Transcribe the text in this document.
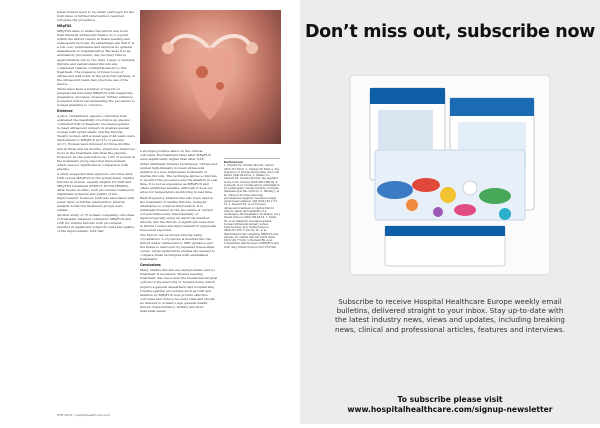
fewer women need to be under oestrogen for the high rates of further intervention required following the procedure.

MRgFUS

MRgFUS aims to ablate the fibroid and focus high intensity ultrasound beams on to a point within the fibroid results in tissue heating and subsequent necrosis. Its advantages are that it is a low cost, noninvasive and requires no general anaesthesia or hospitalisation. Because it is an ambulatory procedure, day recovery time is approximately one to two days. Large or multiple fibroids and pedunculated fibroids are considered relative contraindications to this treatment. The presence of bowel loops or ultrasound wall scars in the projected pathway of the ultrasound beam may preclude use of the device.

There have been a number of reports of pregnancies following MRgFUS with reassuring pregnancy outcomes; however, further evidence is needed before recommending the procedure to women planning to conceive.

Evidence

A pilot, randomised, placebo-controlled trial evaluated the feasibility of a follow-up placebo-controlled trial of magnetic resonance-guided focused ultrasound surgery in premenopausal women with symptomatic uterine fibroids. Twenty women with a mean age of 44 years were randomised to MRgFUS (n=13) or placebo (n=7). Women were followed for three months and at three and six months, symptoms improved more in the treatment arm than the placebo. However, at one-year follow-up, 10% of women in the treatment group reported improvement, which was not significant in comparison with placebo.

A study suggested that symptom outcomes after UAE versus MRgFUS in the symptomatic uterine fibroids in women, equally eligible for UAE and MRgFUS treatment (FIRSTT, NCT01285960). After twelve months, both procedures resulted in significant symptom and quality of life improvement; however, UAE was associated with lower rates of further intervention. Interim analysis found the treatment groups were similar.

Another study of 75 women comparing outcomes of treatment between volumetric MRgFUS and UAE for uterine fibroids both procedures resulted in significant symptom relief and quality of life improvement. UAE had

a stronger positive effect on the clinical outcomes. Re-treatment rates after MRgFUS were significantly higher than after UAE.

Other minimally invasive techniques: Ultrasound-guided high-intensity focused ultrasound ablation is a new noninvasive treatment of uterine fibroids. The technique allows a clinician to monitor the procedure and the ablation in real time. It is not as expensive as MRgFUS and offers additional benefits, although it does not allow for temperature monitoring in real time.

Radiofrequency ablation has also been used in the treatment of uterine fibroids, being an alternative to surgical intervention. It is minimally invasive as the procedure is carried out percutaneously, transvaginally or laparoscopically using an electrode inserted directly into the fibroid. A significant reduction in fibroid volume and improvement in symptoms have been reported.

The fibroid can be frozen directly using cryoablation. A cryoprobe is inserted into the fibroid under ultrasound or MRI guidance and the tissue is destroyed by repeated freeze-thaw cycles. Large multicentre studies are needed to compare these techniques with established treatments.

Conclusions

Many uterine fibroids are asymptomatic and no treatment is necessary. Women needing treatment may have been the traditional surgical options of myomectomy or hysterectomy, which require a general anaesthetic and hospital stay. Uterine-sparing procedures such as UAE and ablation by MRgFUS now provide effective outcomes and reduce recovery time and should be tailored to women's age, general health, fibroid characteristics, fertility and their individual needs.

References
1. Stewart EA. Uterine fibroids. Lancet 2001;357:293-8. 2. Cramer SF, Patel A. The frequency of uterine leiomyomas. Am J Clin Pathol 1990;94:435-8. 3. Walker CL, Stewart EA. Uterine fibroids: the elephant in the room. Science 2005;308:1589-92. 4. Gupta JK, et al. Uterine artery embolization for symptomatic uterine fibroids. Cochrane Database Syst Rev 2014;12. 5. Hindley J, et al. Clinical outcomes following percutaneous magnetic resonance image guided laser ablation. AJR 2004;183:1713-19. 6. Stewart EA, et al. Focused ultrasound treatment of uterine fibroid tumors: safety and feasibility of a noninvasive thermoablative technique. Am J Obstet Gynecol 2003;189:48-54. 7. Taran FA, et al. Magnetic resonance-guided focused ultrasound surgery versus hysterectomy. Am J Obstet Gynecol 2009;201:268. 8. Jacoby VL, et al. Randomized trial comparing MRgFUS and placebo for uterine fibroids. Fertil Steril 2016;105:773-80. 9. Barnard EP, et al. Comparative effectiveness of MRgFUS and UAE. Am J Obstet Gynecol 2017;216:500.
HHE 2019 | hospitalhealthcare.com
Don’t miss out, subscribe now
Subscribe to receive Hospital Healthcare Europe weekly email bulletins, delivered straight to your inbox. Stay up-to-date with the latest industry news, views and updates, including breaking news, clinical and professional articles, features and interviews.
To subscribe please visit
www.hospitalhealthcare.com/signup-newsletter
